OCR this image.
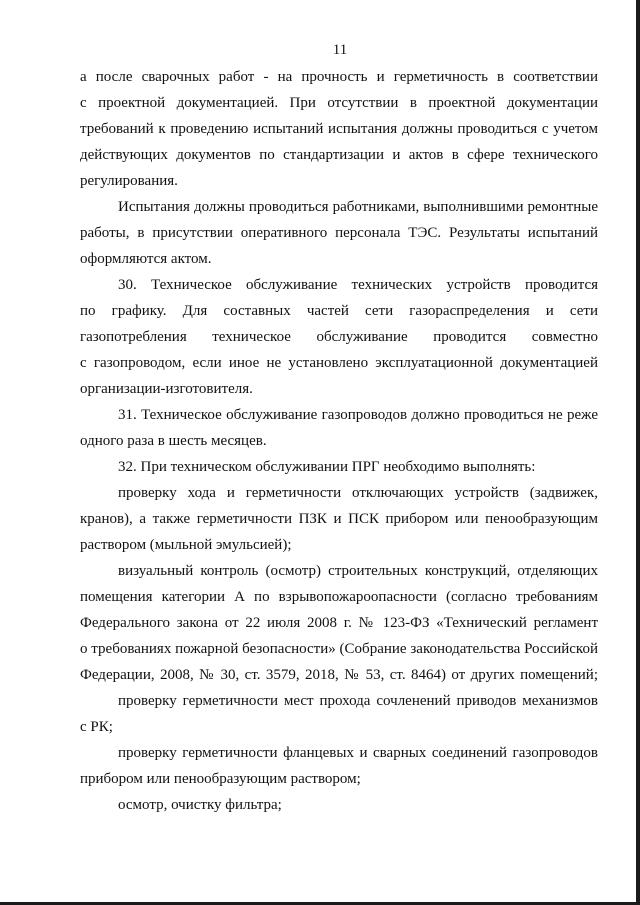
11
а после сварочных работ - на прочность и герметичность в соответствии
с проектной документацией. При отсутствии в проектной документации
требований к проведению испытаний испытания должны проводиться с учетом
действующих документов по стандартизации и актов в сфере технического
регулирования.
Испытания должны проводиться работниками, выполнившими ремонтные
работы, в присутствии оперативного персонала ТЭС. Результаты испытаний
оформляются актом.
30. Техническое обслуживание технических устройств проводится
по графику. Для составных частей сети газораспределения и сети
газопотребления техническое обслуживание проводится совместно
с газопроводом, если иное не установлено эксплуатационной документацией
организации-изготовителя.
31. Техническое обслуживание газопроводов должно проводиться не реже
одного раза в шесть месяцев.
32. При техническом обслуживании ПРГ необходимо выполнять:
проверку хода и герметичности отключающих устройств (задвижек,
кранов), а также герметичности ПЗК и ПСК прибором или пенообразующим
раствором (мыльной эмульсией);
визуальный контроль (осмотр) строительных конструкций, отделяющих
помещения категории А по взрывопожароопасности (согласно требованиям
Федерального закона от 22 июля 2008 г. № 123-ФЗ «Технический регламент
о требованиях пожарной безопасности» (Собрание законодательства Российской
Федерации, 2008, № 30, ст. 3579, 2018, № 53, ст. 8464) от других помещений;
проверку герметичности мест прохода сочленений приводов механизмов
с РК;
проверку герметичности фланцевых и сварных соединений газопроводов
прибором или пенообразующим раствором;
осмотр, очистку фильтра;
